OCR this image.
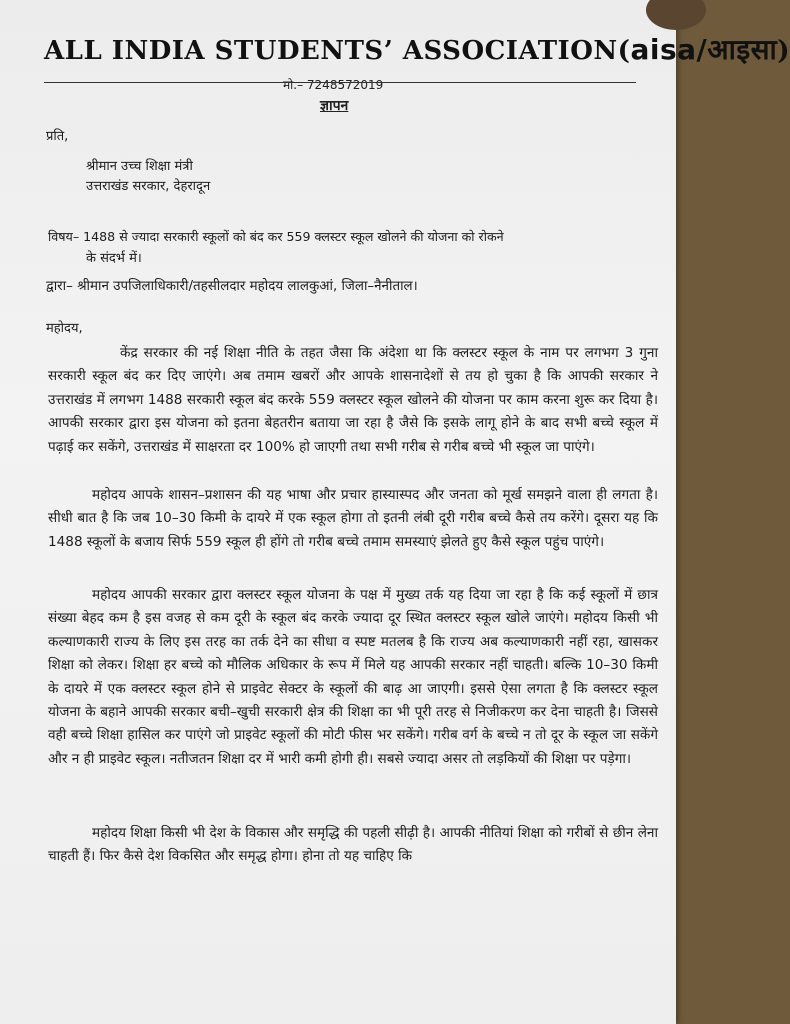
ALL INDIA STUDENTS’ ASSOCIATION(aisa/आइसा)
मो.– 7248572019
ज्ञापन
प्रति,
श्रीमान उच्च शिक्षा मंत्री
उत्तराखंड सरकार, देहरादून
विषय– 1488 से ज्यादा सरकारी स्कूलों को बंद कर 559 क्लस्टर स्कूल खोलने की योजना को रोकने
के संदर्भ में।
द्वारा– श्रीमान उपजिलाधिकारी/तहसीलदार महोदय लालकुआं, जिला–नैनीताल।
महोदय,
केंद्र सरकार की नई शिक्षा नीति के तहत जैसा कि अंदेशा था कि क्लस्टर स्कूल के नाम पर लगभग 3 गुना सरकारी स्कूल बंद कर दिए जाएंगे। अब तमाम खबरों और आपके शासनादेशों से तय हो चुका है कि आपकी सरकार ने उत्तराखंड में लगभग 1488 सरकारी स्कूल बंद करके 559 क्लस्टर स्कूल खोलने की योजना पर काम करना शुरू कर दिया है। आपकी सरकार द्वारा इस योजना को इतना बेहतरीन बताया जा रहा है जैसे कि इसके लागू होने के बाद सभी बच्चे स्कूल में पढ़ाई कर सकेंगे, उत्तराखंड में साक्षरता दर 100% हो जाएगी तथा सभी गरीब से गरीब बच्चे भी स्कूल जा पाएंगे।
महोदय आपके शासन–प्रशासन की यह भाषा और प्रचार हास्यास्पद और जनता को मूर्ख समझने वाला ही लगता है। सीधी बात है कि जब 10–30 किमी के दायरे में एक स्कूल होगा तो इतनी लंबी दूरी गरीब बच्चे कैसे तय करेंगे। दूसरा यह कि 1488 स्कूलों के बजाय सिर्फ 559 स्कूल ही होंगे तो गरीब बच्चे तमाम समस्याएं झेलते हुए कैसे स्कूल पहुंच पाएंगे।
महोदय आपकी सरकार द्वारा क्लस्टर स्कूल योजना के पक्ष में मुख्य तर्क यह दिया जा रहा है कि कई स्कूलों में छात्र संख्या बेहद कम है इस वजह से कम दूरी के स्कूल बंद करके ज्यादा दूर स्थित क्लस्टर स्कूल खोले जाएंगे। महोदय किसी भी कल्याणकारी राज्य के लिए इस तरह का तर्क देने का सीधा व स्पष्ट मतलब है कि राज्य अब कल्याणकारी नहीं रहा, खासकर शिक्षा को लेकर। शिक्षा हर बच्चे को मौलिक अधिकार के रूप में मिले यह आपकी सरकार नहीं चाहती। बल्कि 10–30 किमी के दायरे में एक क्लस्टर स्कूल होने से प्राइवेट सेक्टर के स्कूलों की बाढ़ आ जाएगी। इससे ऐसा लगता है कि क्लस्टर स्कूल योजना के बहाने आपकी सरकार बची–खुची सरकारी क्षेत्र की शिक्षा का भी पूरी तरह से निजीकरण कर देना चाहती है। जिससे वही बच्चे शिक्षा हासिल कर पाएंगे जो प्राइवेट स्कूलों की मोटी फीस भर सकेंगे। गरीब वर्ग के बच्चे न तो दूर के स्कूल जा सकेंगे और न ही प्राइवेट स्कूल। नतीजतन शिक्षा दर में भारी कमी होगी ही। सबसे ज्यादा असर तो लड़कियों की शिक्षा पर पड़ेगा।
महोदय शिक्षा किसी भी देश के विकास और समृद्धि की पहली सीढ़ी है। आपकी नीतियां शिक्षा को गरीबों से छीन लेना चाहती हैं। फिर कैसे देश विकसित और समृद्ध होगा। होना तो यह चाहिए कि
